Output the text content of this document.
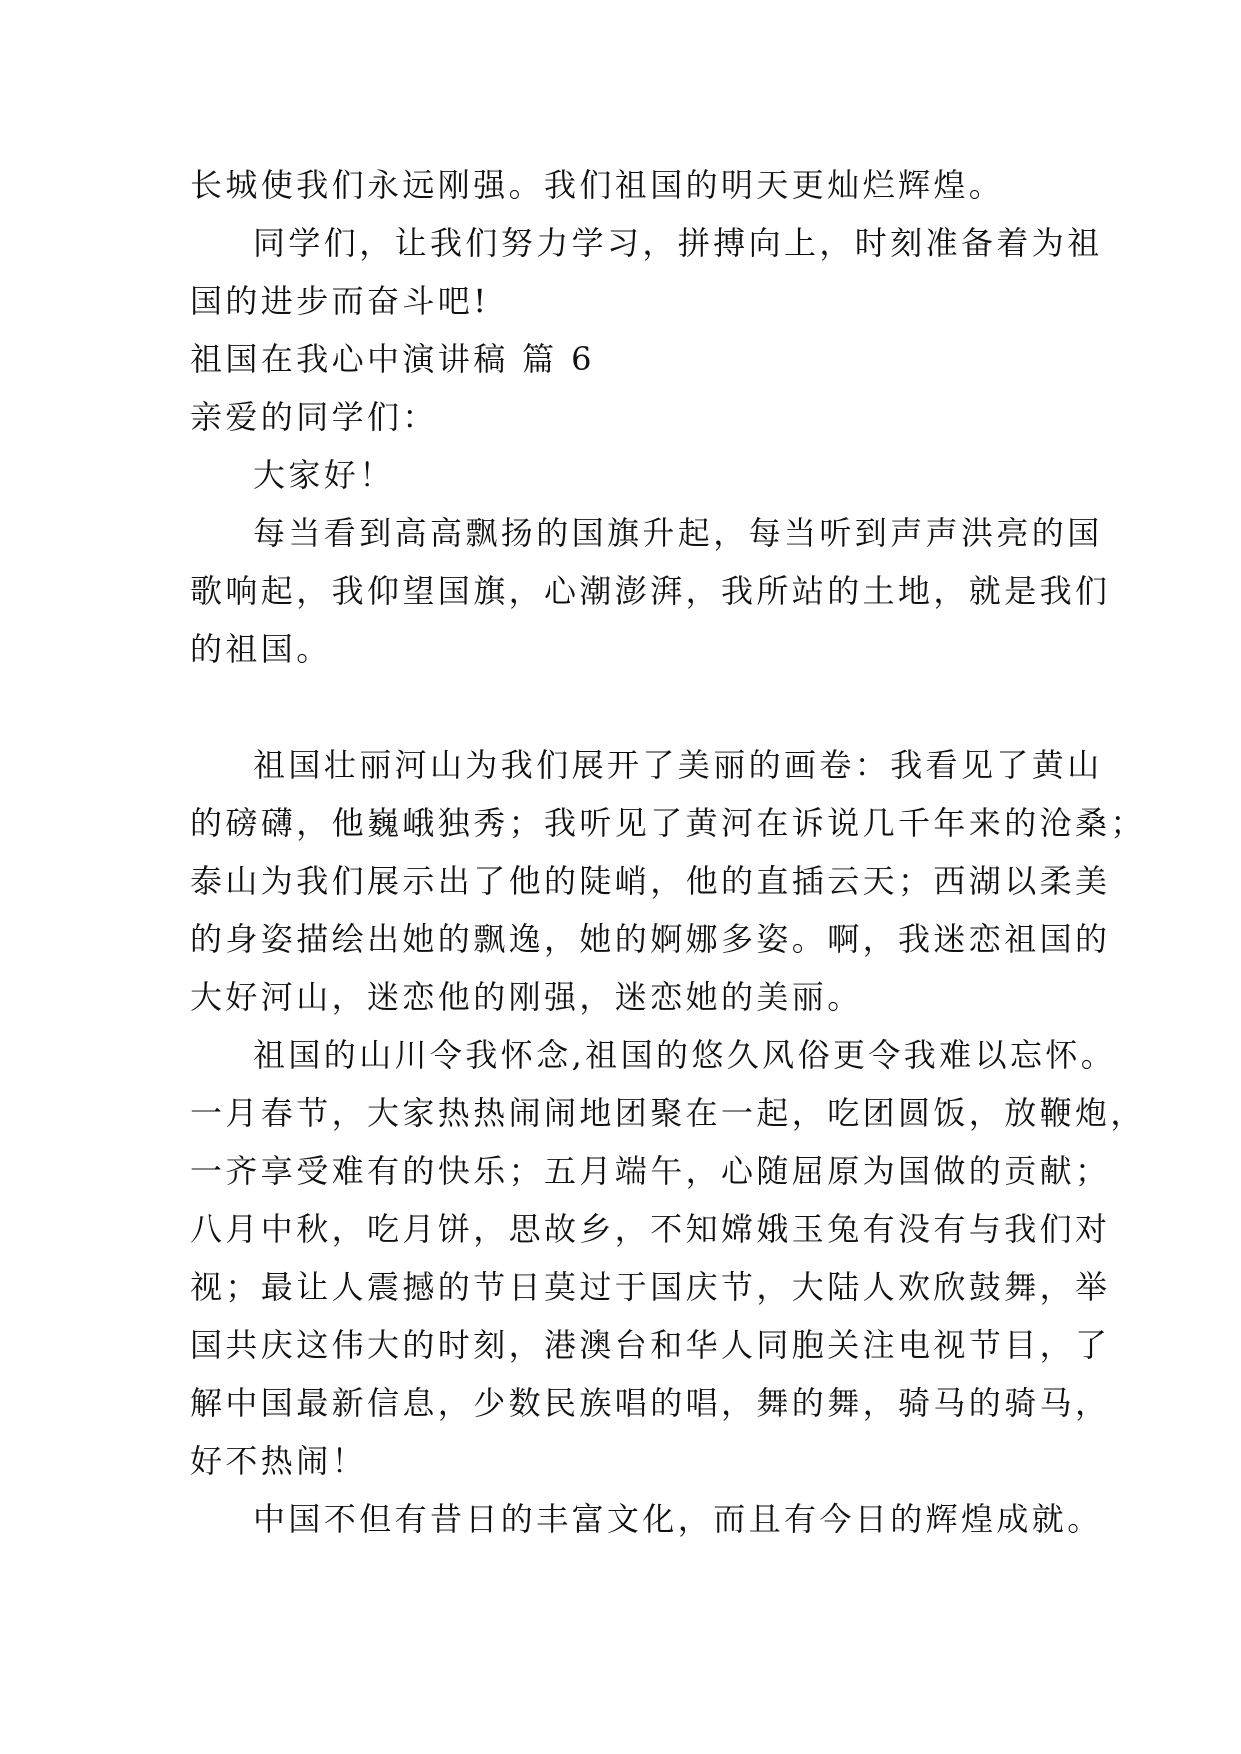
长城使我们永远刚强。我们祖国的明天更灿烂辉煌。

同学们，让我们努力学习，拼搏向上，时刻准备着为祖

国的进步而奋斗吧!

祖国在我心中演讲稿 篇 6

亲爱的同学们：

大家好！

每当看到高高飘扬的国旗升起，每当听到声声洪亮的国

歌响起，我仰望国旗，心潮澎湃，我所站的土地，就是我们

的祖国。

祖国壮丽河山为我们展开了美丽的画卷：我看见了黄山

的磅礴，他巍峨独秀；我听见了黄河在诉说几千年来的沧桑；

泰山为我们展示出了他的陡峭，他的直插云天；西湖以柔美

的身姿描绘出她的飘逸，她的婀娜多姿。啊，我迷恋祖国的

大好河山，迷恋他的刚强，迷恋她的美丽。

祖国的山川令我怀念,祖国的悠久风俗更令我难以忘怀。

一月春节，大家热热闹闹地团聚在一起，吃团圆饭，放鞭炮，

一齐享受难有的快乐；五月端午，心随屈原为国做的贡献；

八月中秋，吃月饼，思故乡，不知嫦娥玉兔有没有与我们对

视；最让人震撼的节日莫过于国庆节，大陆人欢欣鼓舞，举

国共庆这伟大的时刻，港澳台和华人同胞关注电视节目，了

解中国最新信息，少数民族唱的唱，舞的舞，骑马的骑马，

好不热闹！

中国不但有昔日的丰富文化，而且有今日的辉煌成就。
